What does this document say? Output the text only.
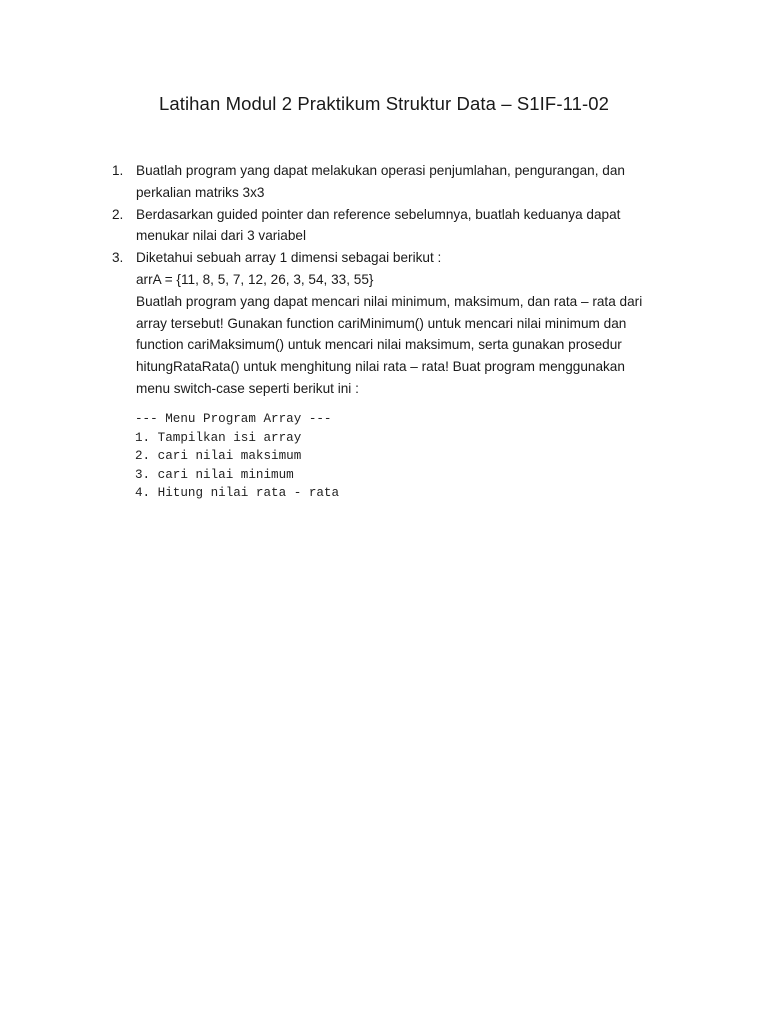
Latihan Modul 2 Praktikum Struktur Data – S1IF-11-02
1. Buatlah program yang dapat melakukan operasi penjumlahan, pengurangan, dan
perkalian matriks 3x3
2. Berdasarkan guided pointer dan reference sebelumnya, buatlah keduanya dapat
menukar nilai dari 3 variabel
3. Diketahui sebuah array 1 dimensi sebagai berikut :
arrA = {11, 8, 5, 7, 12, 26, 3, 54, 33, 55}
Buatlah program yang dapat mencari nilai minimum, maksimum, dan rata – rata dari
array tersebut! Gunakan function cariMinimum() untuk mencari nilai minimum dan
function cariMaksimum() untuk mencari nilai maksimum, serta gunakan prosedur
hitungRataRata() untuk menghitung nilai rata – rata! Buat program menggunakan
menu switch-case seperti berikut ini :
--- Menu Program Array ---
1. Tampilkan isi array
2. cari nilai maksimum
3. cari nilai minimum
4. Hitung nilai rata - rata
